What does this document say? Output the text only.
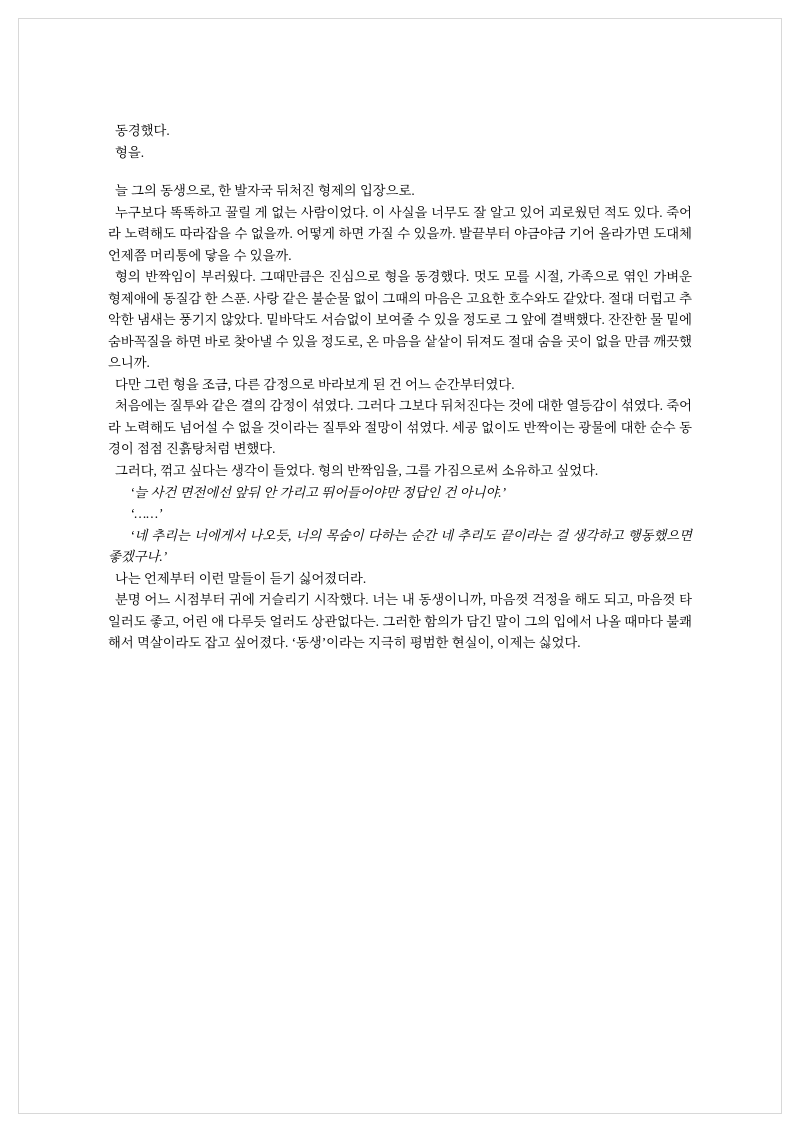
동경했다.

형을.

늘 그의 동생으로, 한 발자국 뒤처진 형제의 입장으로.

누구보다 똑똑하고 꿀릴 게 없는 사람이었다. 이 사실을 너무도 잘 알고 있어 괴로웠던 적도 있다. 죽어라 노력해도 따라잡을 수 없을까. 어떻게 하면 가질 수 있을까. 발끝부터 야금야금 기어 올라가면 도대체 언제쯤 머리통에 닿을 수 있을까.

형의 반짝임이 부러웠다. 그때만큼은 진심으로 형을 동경했다. 멋도 모를 시절, 가족으로 엮인 가벼운 형제애에 동질감 한 스푼. 사랑 같은 불순물 없이 그때의 마음은 고요한 호수와도 같았다. 절대 더럽고 추악한 냄새는 풍기지 않았다. 밑바닥도 서슴없이 보여줄 수 있을 정도로 그 앞에 결백했다. 잔잔한 물 밑에 숨바꼭질을 하면 바로 찾아낼 수 있을 정도로, 온 마음을 샅샅이 뒤져도 절대 숨을 곳이 없을 만큼 깨끗했으니까.

다만 그런 형을 조금, 다른 감정으로 바라보게 된 건 어느 순간부터였다.

처음에는 질투와 같은 결의 감정이 섞였다. 그러다 그보다 뒤처진다는 것에 대한 열등감이 섞였다. 죽어라 노력해도 넘어설 수 없을 것이라는 질투와 절망이 섞였다. 세공 없이도 반짝이는 광물에 대한 순수 동경이 점점 진흙탕처럼 변했다.

그러다, 꺾고 싶다는 생각이 들었다. 형의 반짝임을, 그를 가짐으로써 소유하고 싶었다.

‘늘 사건 면전에선 앞뒤 안 가리고 뛰어들어야만 정답인 건 아니야.’

‘……’

‘네 추리는 너에게서 나오듯, 너의 목숨이 다하는 순간 네 추리도 끝이라는 걸 생각하고 행동했으면 좋겠구나.’

나는 언제부터 이런 말들이 듣기 싫어졌더라.

분명 어느 시점부터 귀에 거슬리기 시작했다. 너는 내 동생이니까, 마음껏 걱정을 해도 되고, 마음껏 타일러도 좋고, 어린 애 다루듯 얼러도 상관없다는. 그러한 함의가 담긴 말이 그의 입에서 나올 때마다 불쾌해서 멱살이라도 잡고 싶어졌다. ‘동생’이라는 지극히 평범한 현실이, 이제는 싫었다.
